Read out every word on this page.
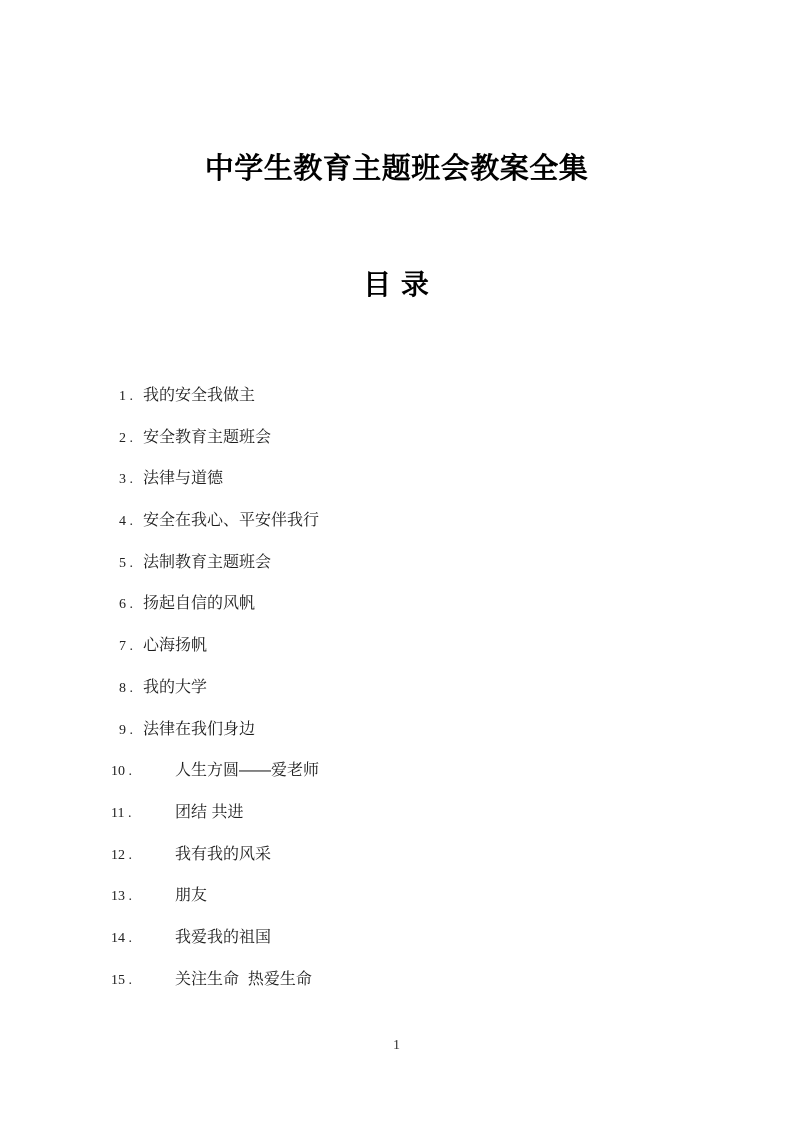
中学生教育主题班会教案全集
目 录
1 . 我的安全我做主
2 . 安全教育主题班会
3 . 法律与道德
4 . 安全在我心、平安伴我行
5 . 法制教育主题班会
6 . 扬起自信的风帆
7 . 心海扬帆
8 . 我的大学
9 . 法律在我们身边
10 .	人生方圆——爱老师
11 .	团结 共进
12 .	我有我的风采
13 .	朋友
14 .	我爱我的祖国
15 .	关注生命  热爱生命
1
